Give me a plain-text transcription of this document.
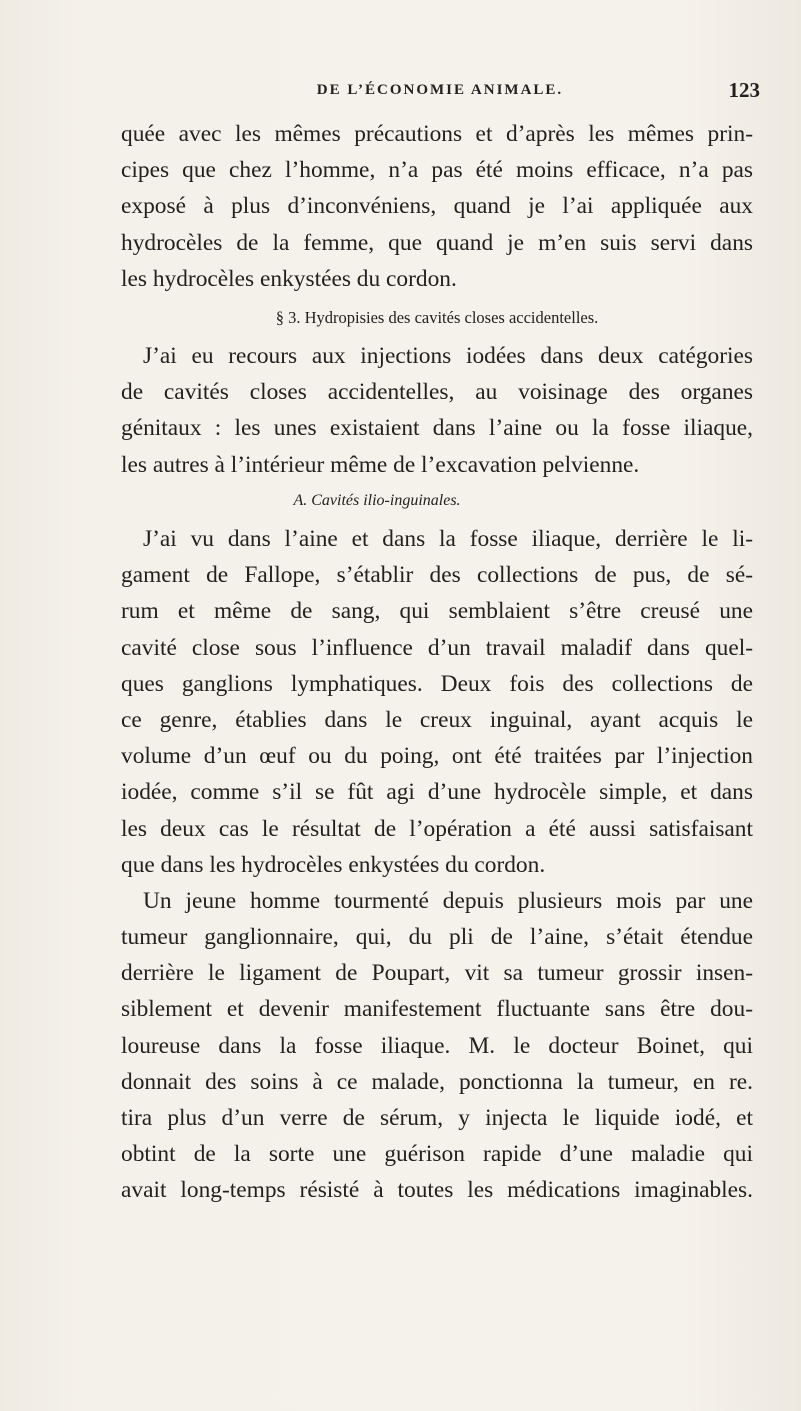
DE L’ÉCONOMIE ANIMALE.	123
quée avec les mêmes précautions et d’après les mêmes prin-
cipes que chez l’homme, n’a pas été moins efficace, n’a pas
exposé à plus d’inconvéniens, quand je l’ai appliquée aux
hydrocèles de la femme, que quand je m’en suis servi dans
les hydrocèles enkystées du cordon.
§ 3. Hydropisies des cavités closes accidentelles.
J’ai eu recours aux injections iodées dans deux catégories
de cavités closes accidentelles, au voisinage des organes
génitaux : les unes existaient dans l’aine ou la fosse iliaque,
les autres à l’intérieur même de l’excavation pelvienne.
A. Cavités ilio-inguinales.
J’ai vu dans l’aine et dans la fosse iliaque, derrière le li-
gament de Fallope, s’établir des collections de pus, de sé-
rum et même de sang, qui semblaient s’être creusé une
cavité close sous l’influence d’un travail maladif dans quel-
ques ganglions lymphatiques. Deux fois des collections de
ce genre, établies dans le creux inguinal, ayant acquis le
volume d’un œuf ou du poing, ont été traitées par l’injection
iodée, comme s’il se fût agi d’une hydrocèle simple, et dans
les deux cas le résultat de l’opération a été aussi satisfaisant
que dans les hydrocèles enkystées du cordon.
Un jeune homme tourmenté depuis plusieurs mois par une
tumeur ganglionnaire, qui, du pli de l’aine, s’était étendue
derrière le ligament de Poupart, vit sa tumeur grossir insen-
siblement et devenir manifestement fluctuante sans être dou-
loureuse dans la fosse iliaque. M. le docteur Boinet, qui
donnait des soins à ce malade, ponctionna la tumeur, en re.
tira plus d’un verre de sérum, y injecta le liquide iodé, et
obtint de la sorte une guérison rapide d’une maladie qui
avait long-temps résisté à toutes les médications imaginables.
